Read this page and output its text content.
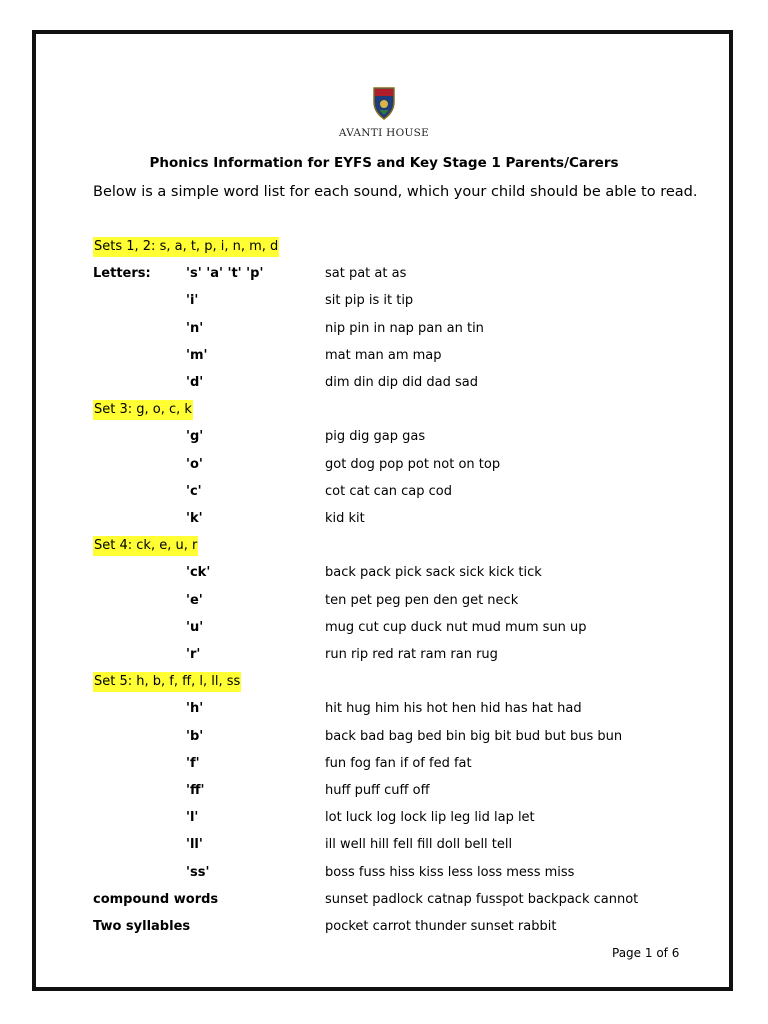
AVANTI HOUSE
Phonics Information for EYFS and Key Stage 1 Parents/Carers
Below is a simple word list for each sound, which your child should be able to read.
Sets 1, 2: s, a, t, p, i, n, m, d
Letters:	's' 'a' 't' 'p'	sat pat at as
'i'	sit pip is it tip
'n'	nip pin in nap pan an tin
'm'	mat man am map
'd'	dim din dip did dad sad
Set 3: g, o, c, k
'g'	pig dig gap gas
'o'	got dog pop pot not on top
'c'	cot cat can cap cod
'k'	kid kit
Set 4: ck, e, u, r
'ck'	back pack pick sack sick kick tick
'e'	ten pet peg pen den get neck
'u'	mug cut cup duck nut mud mum sun up
'r'	run rip red rat ram ran rug
Set 5: h, b, f, ff, l, ll, ss
'h'	hit hug him his hot hen hid has hat had
'b'	back bad bag bed bin big bit bud but bus bun
'f'	fun fog fan if of fed fat
'ff'	huff puff cuff off
'l'	lot luck log lock lip leg lid lap let
'll'	ill well hill fell fill doll bell tell
'ss'	boss fuss hiss kiss less loss mess miss
compound words	sunset padlock catnap fusspot backpack cannot
Two syllables	pocket carrot thunder sunset rabbit
Page 1 of 6
